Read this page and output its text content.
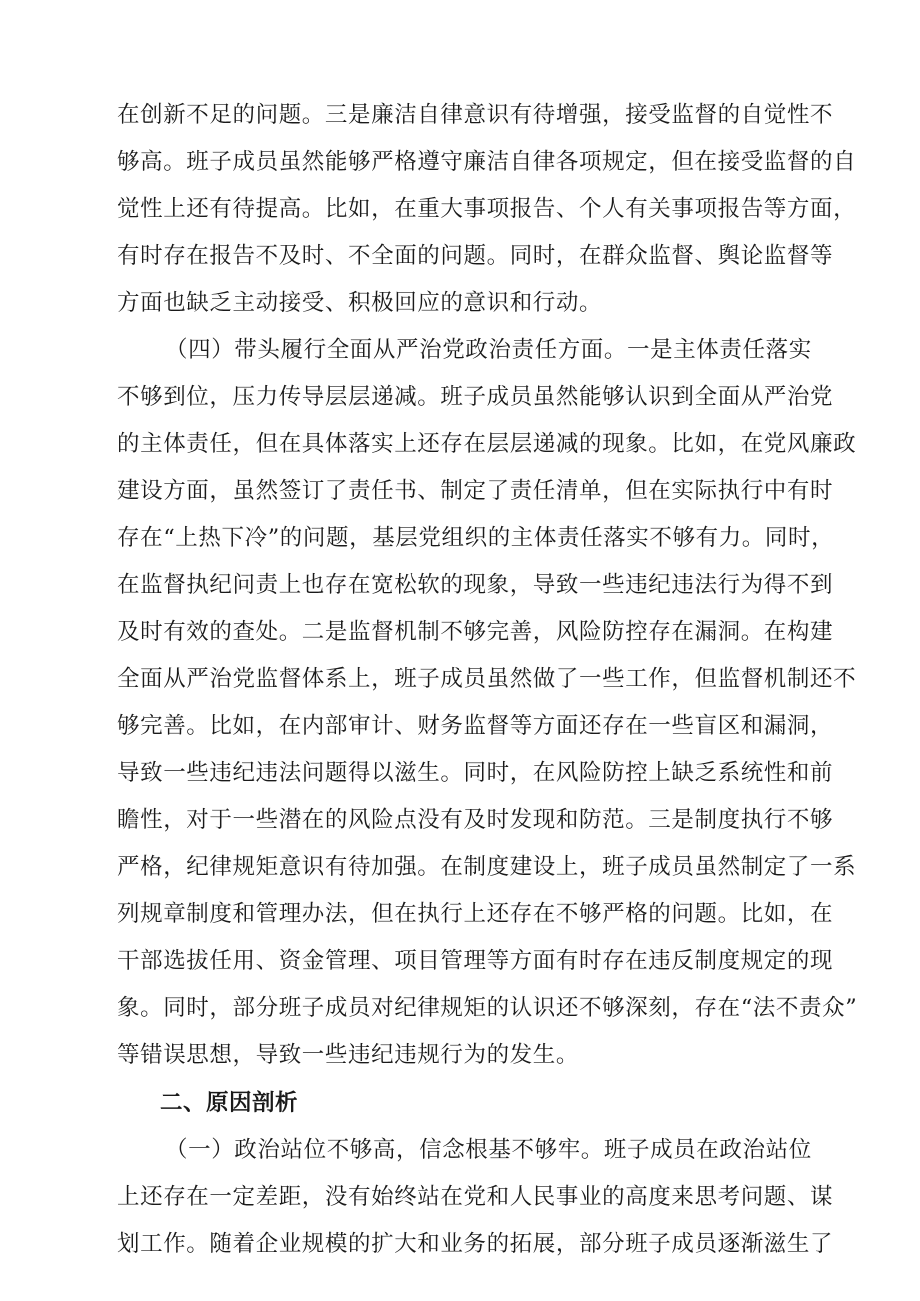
在创新不足的问题。三是廉洁自律意识有待增强，接受监督的自觉性不
够高。班子成员虽然能够严格遵守廉洁自律各项规定，但在接受监督的自
觉性上还有待提高。比如，在重大事项报告、个人有关事项报告等方面，
有时存在报告不及时、不全面的问题。同时，在群众监督、舆论监督等
方面也缺乏主动接受、积极回应的意识和行动。
（四）带头履行全面从严治党政治责任方面。一是主体责任落实
不够到位，压力传导层层递减。班子成员虽然能够认识到全面从严治党
的主体责任，但在具体落实上还存在层层递减的现象。比如，在党风廉政
建设方面，虽然签订了责任书、制定了责任清单，但在实际执行中有时
存在“上热下冷”的问题，基层党组织的主体责任落实不够有力。同时，
在监督执纪问责上也存在宽松软的现象，导致一些违纪违法行为得不到
及时有效的查处。二是监督机制不够完善，风险防控存在漏洞。在构建
全面从严治党监督体系上，班子成员虽然做了一些工作，但监督机制还不
够完善。比如，在内部审计、财务监督等方面还存在一些盲区和漏洞，
导致一些违纪违法问题得以滋生。同时，在风险防控上缺乏系统性和前
瞻性，对于一些潜在的风险点没有及时发现和防范。三是制度执行不够
严格，纪律规矩意识有待加强。在制度建设上，班子成员虽然制定了一系
列规章制度和管理办法，但在执行上还存在不够严格的问题。比如，在
干部选拔任用、资金管理、项目管理等方面有时存在违反制度规定的现
象。同时，部分班子成员对纪律规矩的认识还不够深刻，存在“法不责众”
等错误思想，导致一些违纪违规行为的发生。
二、原因剖析
（一）政治站位不够高，信念根基不够牢。班子成员在政治站位
上还存在一定差距，没有始终站在党和人民事业的高度来思考问题、谋
划工作。随着企业规模的扩大和业务的拓展，部分班子成员逐渐滋生了
